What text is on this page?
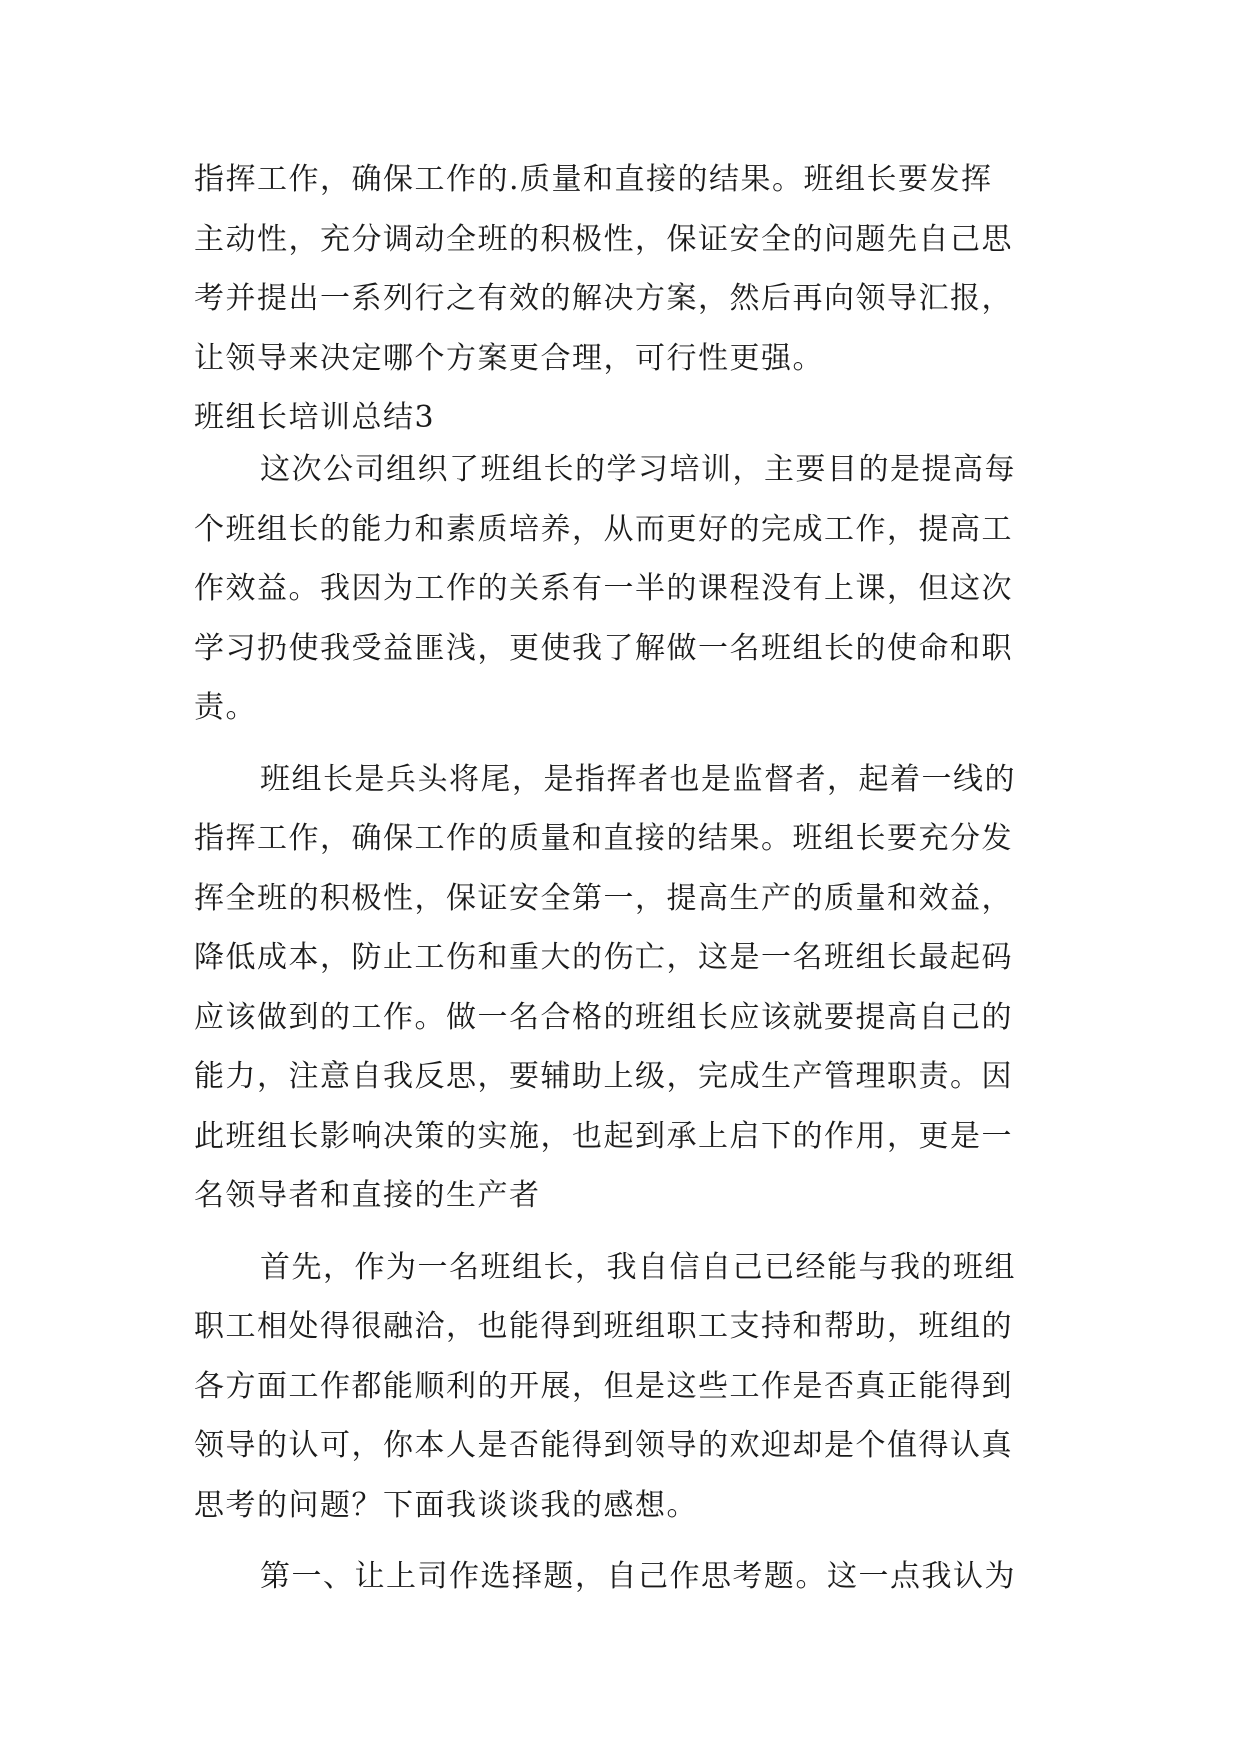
指挥工作，确保工作的.质量和直接的结果。班组长要发挥
主动性，充分调动全班的积极性，保证安全的问题先自己思
考并提出一系列行之有效的解决方案，然后再向领导汇报，
让领导来决定哪个方案更合理，可行性更强。
班组长培训总结3
这次公司组织了班组长的学习培训，主要目的是提高每
个班组长的能力和素质培养，从而更好的完成工作，提高工
作效益。我因为工作的关系有一半的课程没有上课，但这次
学习扔使我受益匪浅，更使我了解做一名班组长的使命和职
责。
班组长是兵头将尾，是指挥者也是监督者，起着一线的
指挥工作，确保工作的质量和直接的结果。班组长要充分发
挥全班的积极性，保证安全第一，提高生产的质量和效益，
降低成本，防止工伤和重大的伤亡，这是一名班组长最起码
应该做到的工作。做一名合格的班组长应该就要提高自己的
能力，注意自我反思，要辅助上级，完成生产管理职责。因
此班组长影响决策的实施，也起到承上启下的作用，更是一
名领导者和直接的生产者
首先，作为一名班组长，我自信自己已经能与我的班组
职工相处得很融洽，也能得到班组职工支持和帮助，班组的
各方面工作都能顺利的开展，但是这些工作是否真正能得到
领导的认可，你本人是否能得到领导的欢迎却是个值得认真
思考的问题？下面我谈谈我的感想。
第一、让上司作选择题，自己作思考题。这一点我认为
